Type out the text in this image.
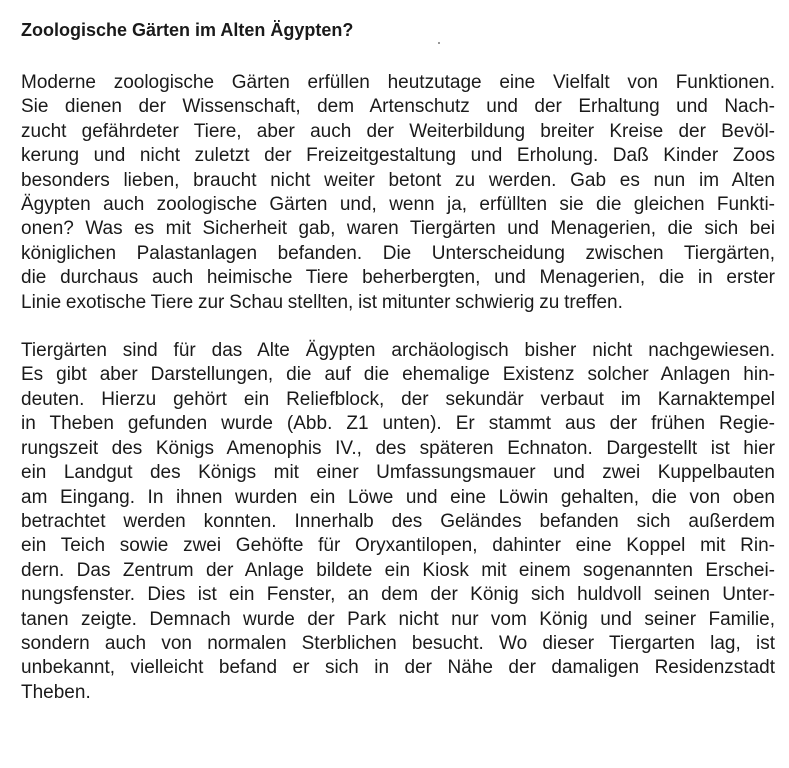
Zoologische Gärten im Alten Ägypten?
Moderne zoologische Gärten erfüllen heutzutage eine Vielfalt von Funktionen.
Sie dienen der Wissenschaft, dem Artenschutz und der Erhaltung und Nach-
zucht gefährdeter Tiere, aber auch der Weiterbildung breiter Kreise der Bevöl-
kerung und nicht zuletzt der Freizeitgestaltung und Erholung. Daß Kinder Zoos
besonders lieben, braucht nicht weiter betont zu werden. Gab es nun im Alten
Ägypten auch zoologische Gärten und, wenn ja, erfüllten sie die gleichen Funkti-
onen? Was es mit Sicherheit gab, waren Tiergärten und Menagerien, die sich bei
königlichen Palastanlagen befanden. Die Unterscheidung zwischen Tiergärten,
die durchaus auch heimische Tiere beherbergten, und Menagerien, die in erster
Linie exotische Tiere zur Schau stellten, ist mitunter schwierig zu treffen.
Tiergärten sind für das Alte Ägypten archäologisch bisher nicht nachgewiesen.
Es gibt aber Darstellungen, die auf die ehemalige Existenz solcher Anlagen hin-
deuten. Hierzu gehört ein Reliefblock, der sekundär verbaut im Karnaktempel
in Theben gefunden wurde (Abb. Z1 unten). Er stammt aus der frühen Regie-
rungszeit des Königs Amenophis IV., des späteren Echnaton. Dargestellt ist hier
ein Landgut des Königs mit einer Umfassungsmauer und zwei Kuppelbauten
am Eingang. In ihnen wurden ein Löwe und eine Löwin gehalten, die von oben
betrachtet werden konnten. Innerhalb des Geländes befanden sich außerdem
ein Teich sowie zwei Gehöfte für Oryxantilopen, dahinter eine Koppel mit Rin-
dern. Das Zentrum der Anlage bildete ein Kiosk mit einem sogenannten Erschei-
nungsfenster. Dies ist ein Fenster, an dem der König sich huldvoll seinen Unter-
tanen zeigte. Demnach wurde der Park nicht nur vom König und seiner Familie,
sondern auch von normalen Sterblichen besucht. Wo dieser Tiergarten lag, ist
unbekannt, vielleicht befand er sich in der Nähe der damaligen Residenzstadt
Theben.
